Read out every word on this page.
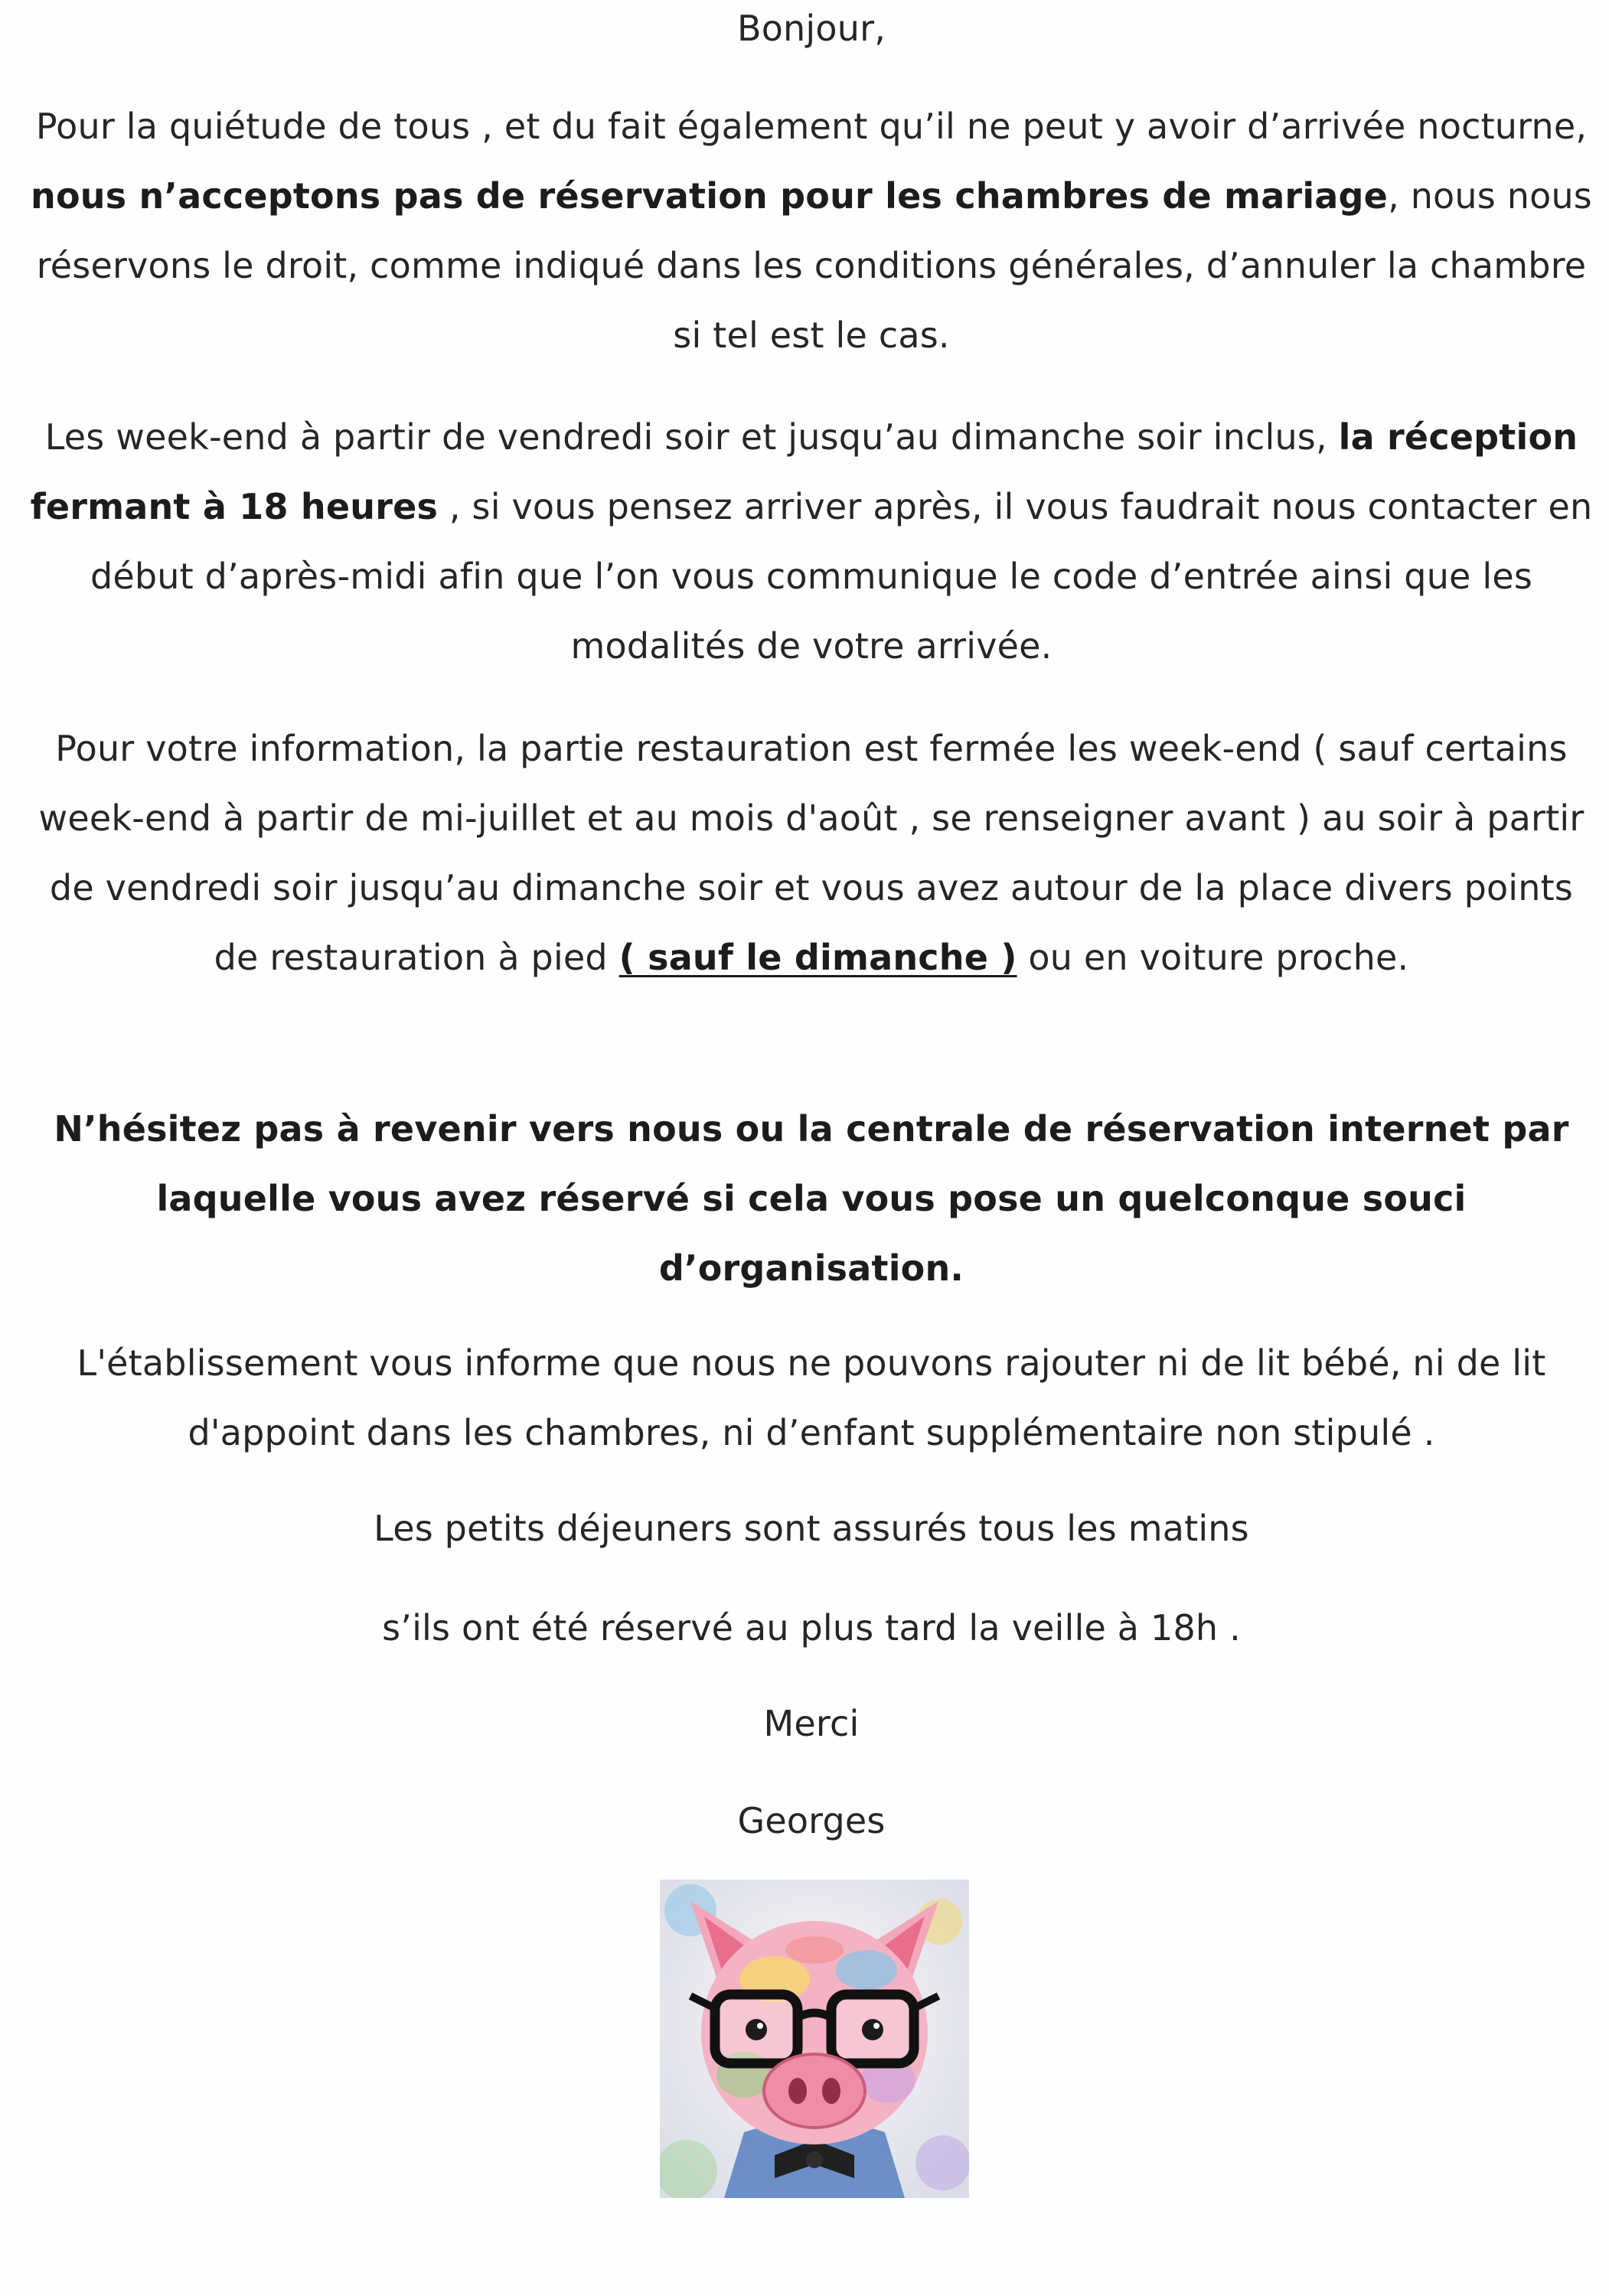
Bonjour,

Pour la quiétude de tous , et du fait également qu’il ne peut y avoir d’arrivée nocturne, nous n’acceptons pas de réservation pour les chambres de mariage, nous nous réservons le droit, comme indiqué dans les conditions générales, d’annuler la chambre si tel est le cas.

Les week-end à partir de vendredi soir et jusqu’au dimanche soir inclus, la réception fermant à 18 heures , si vous pensez arriver après, il vous faudrait nous contacter en début d’après-midi afin que l’on vous communique le code d’entrée ainsi que les modalités de votre arrivée.

Pour votre information, la partie restauration est fermée les week-end ( sauf certains week-end à partir de mi-juillet et au mois d'août , se renseigner avant ) au soir à partir de vendredi soir jusqu’au dimanche soir et vous avez autour de la place divers points de restauration à pied ( sauf le dimanche ) ou en voiture proche.

N’hésitez pas à revenir vers nous ou la centrale de réservation internet par laquelle vous avez réservé si cela vous pose un quelconque souci d’organisation.

L'établissement vous informe que nous ne pouvons rajouter ni de lit bébé, ni de lit d'appoint dans les chambres, ni d’enfant supplémentaire non stipulé .

Les petits déjeuners sont assurés tous les matins

s’ils ont été réservé au plus tard la veille à 18h .

Merci

Georges
